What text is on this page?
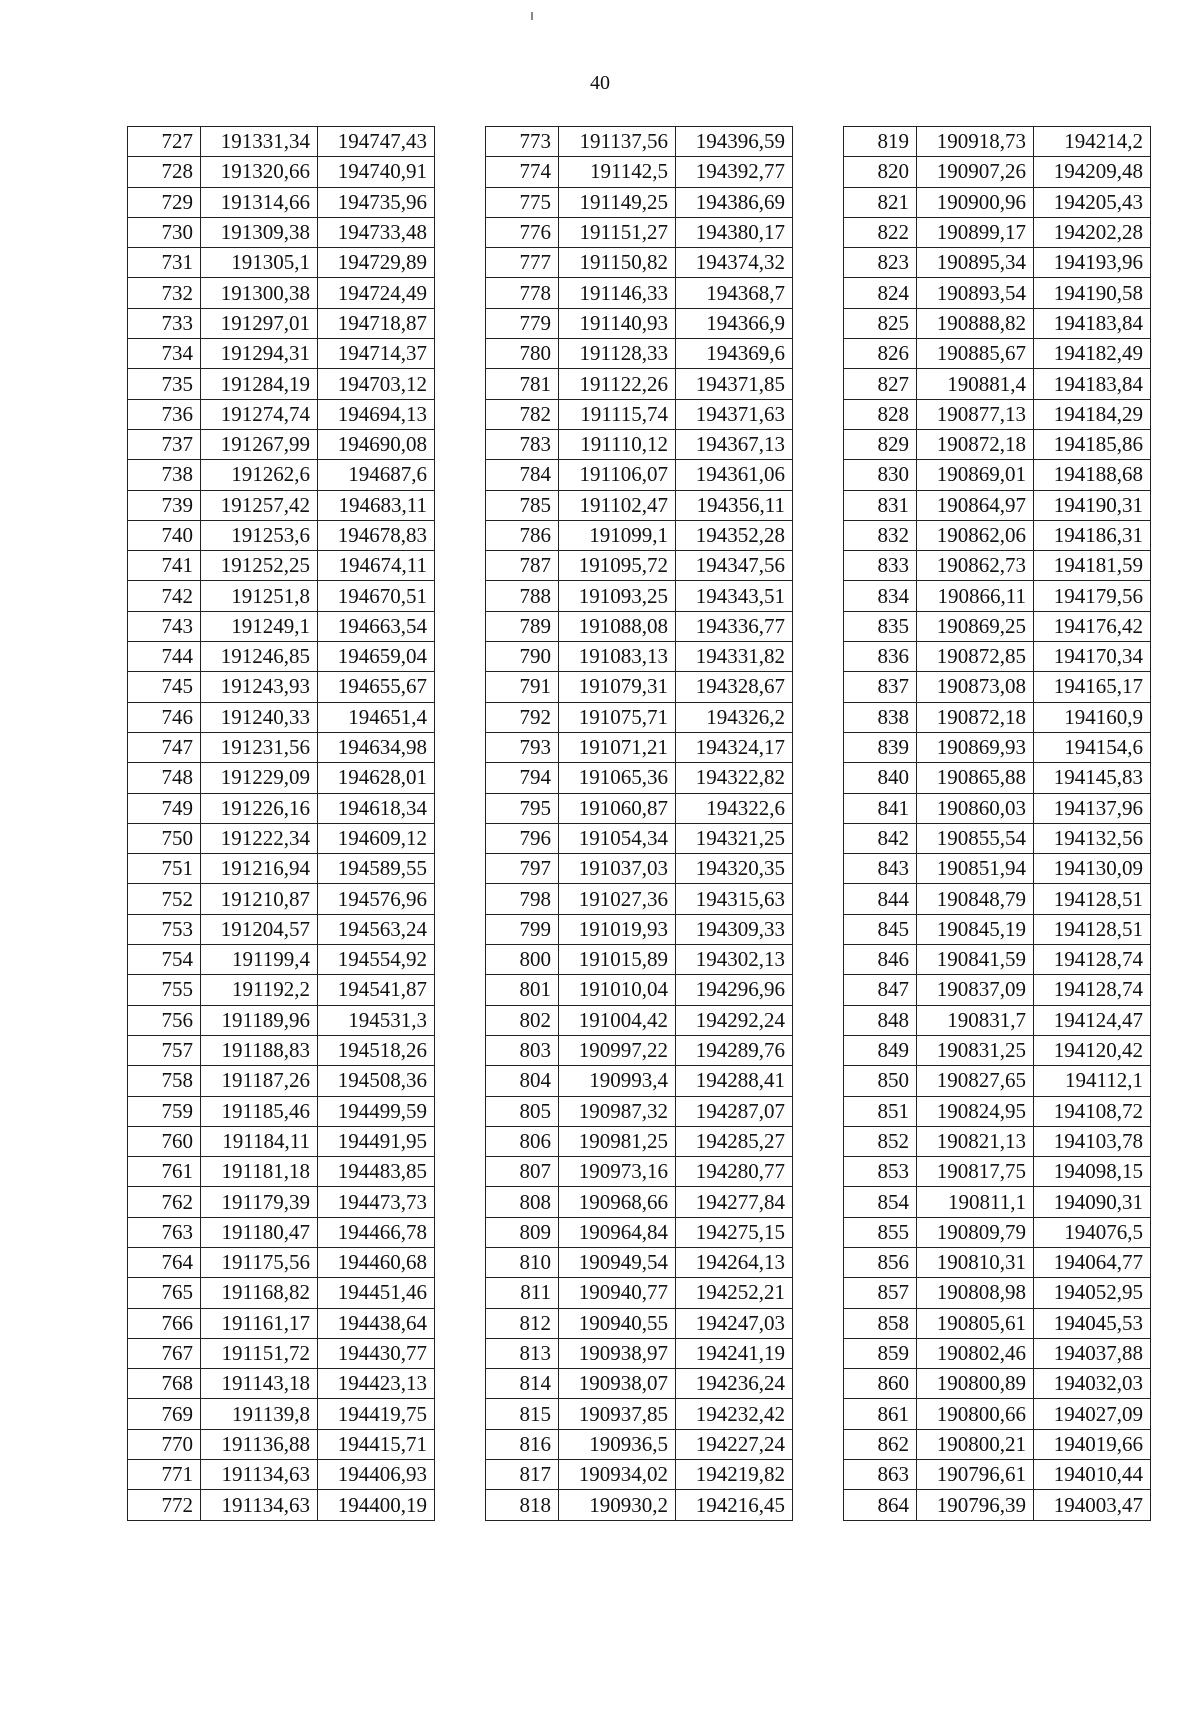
40
727	191331,34	194747,43
728	191320,66	194740,91
729	191314,66	194735,96
730	191309,38	194733,48
731	191305,1	194729,89
732	191300,38	194724,49
733	191297,01	194718,87
734	191294,31	194714,37
735	191284,19	194703,12
736	191274,74	194694,13
737	191267,99	194690,08
738	191262,6	194687,6
739	191257,42	194683,11
740	191253,6	194678,83
741	191252,25	194674,11
742	191251,8	194670,51
743	191249,1	194663,54
744	191246,85	194659,04
745	191243,93	194655,67
746	191240,33	194651,4
747	191231,56	194634,98
748	191229,09	194628,01
749	191226,16	194618,34
750	191222,34	194609,12
751	191216,94	194589,55
752	191210,87	194576,96
753	191204,57	194563,24
754	191199,4	194554,92
755	191192,2	194541,87
756	191189,96	194531,3
757	191188,83	194518,26
758	191187,26	194508,36
759	191185,46	194499,59
760	191184,11	194491,95
761	191181,18	194483,85
762	191179,39	194473,73
763	191180,47	194466,78
764	191175,56	194460,68
765	191168,82	194451,46
766	191161,17	194438,64
767	191151,72	194430,77
768	191143,18	194423,13
769	191139,8	194419,75
770	191136,88	194415,71
771	191134,63	194406,93
772	191134,63	194400,19
773	191137,56	194396,59
774	191142,5	194392,77
775	191149,25	194386,69
776	191151,27	194380,17
777	191150,82	194374,32
778	191146,33	194368,7
779	191140,93	194366,9
780	191128,33	194369,6
781	191122,26	194371,85
782	191115,74	194371,63
783	191110,12	194367,13
784	191106,07	194361,06
785	191102,47	194356,11
786	191099,1	194352,28
787	191095,72	194347,56
788	191093,25	194343,51
789	191088,08	194336,77
790	191083,13	194331,82
791	191079,31	194328,67
792	191075,71	194326,2
793	191071,21	194324,17
794	191065,36	194322,82
795	191060,87	194322,6
796	191054,34	194321,25
797	191037,03	194320,35
798	191027,36	194315,63
799	191019,93	194309,33
800	191015,89	194302,13
801	191010,04	194296,96
802	191004,42	194292,24
803	190997,22	194289,76
804	190993,4	194288,41
805	190987,32	194287,07
806	190981,25	194285,27
807	190973,16	194280,77
808	190968,66	194277,84
809	190964,84	194275,15
810	190949,54	194264,13
811	190940,77	194252,21
812	190940,55	194247,03
813	190938,97	194241,19
814	190938,07	194236,24
815	190937,85	194232,42
816	190936,5	194227,24
817	190934,02	194219,82
818	190930,2	194216,45
819	190918,73	194214,2
820	190907,26	194209,48
821	190900,96	194205,43
822	190899,17	194202,28
823	190895,34	194193,96
824	190893,54	194190,58
825	190888,82	194183,84
826	190885,67	194182,49
827	190881,4	194183,84
828	190877,13	194184,29
829	190872,18	194185,86
830	190869,01	194188,68
831	190864,97	194190,31
832	190862,06	194186,31
833	190862,73	194181,59
834	190866,11	194179,56
835	190869,25	194176,42
836	190872,85	194170,34
837	190873,08	194165,17
838	190872,18	194160,9
839	190869,93	194154,6
840	190865,88	194145,83
841	190860,03	194137,96
842	190855,54	194132,56
843	190851,94	194130,09
844	190848,79	194128,51
845	190845,19	194128,51
846	190841,59	194128,74
847	190837,09	194128,74
848	190831,7	194124,47
849	190831,25	194120,42
850	190827,65	194112,1
851	190824,95	194108,72
852	190821,13	194103,78
853	190817,75	194098,15
854	190811,1	194090,31
855	190809,79	194076,5
856	190810,31	194064,77
857	190808,98	194052,95
858	190805,61	194045,53
859	190802,46	194037,88
860	190800,89	194032,03
861	190800,66	194027,09
862	190800,21	194019,66
863	190796,61	194010,44
864	190796,39	194003,47
